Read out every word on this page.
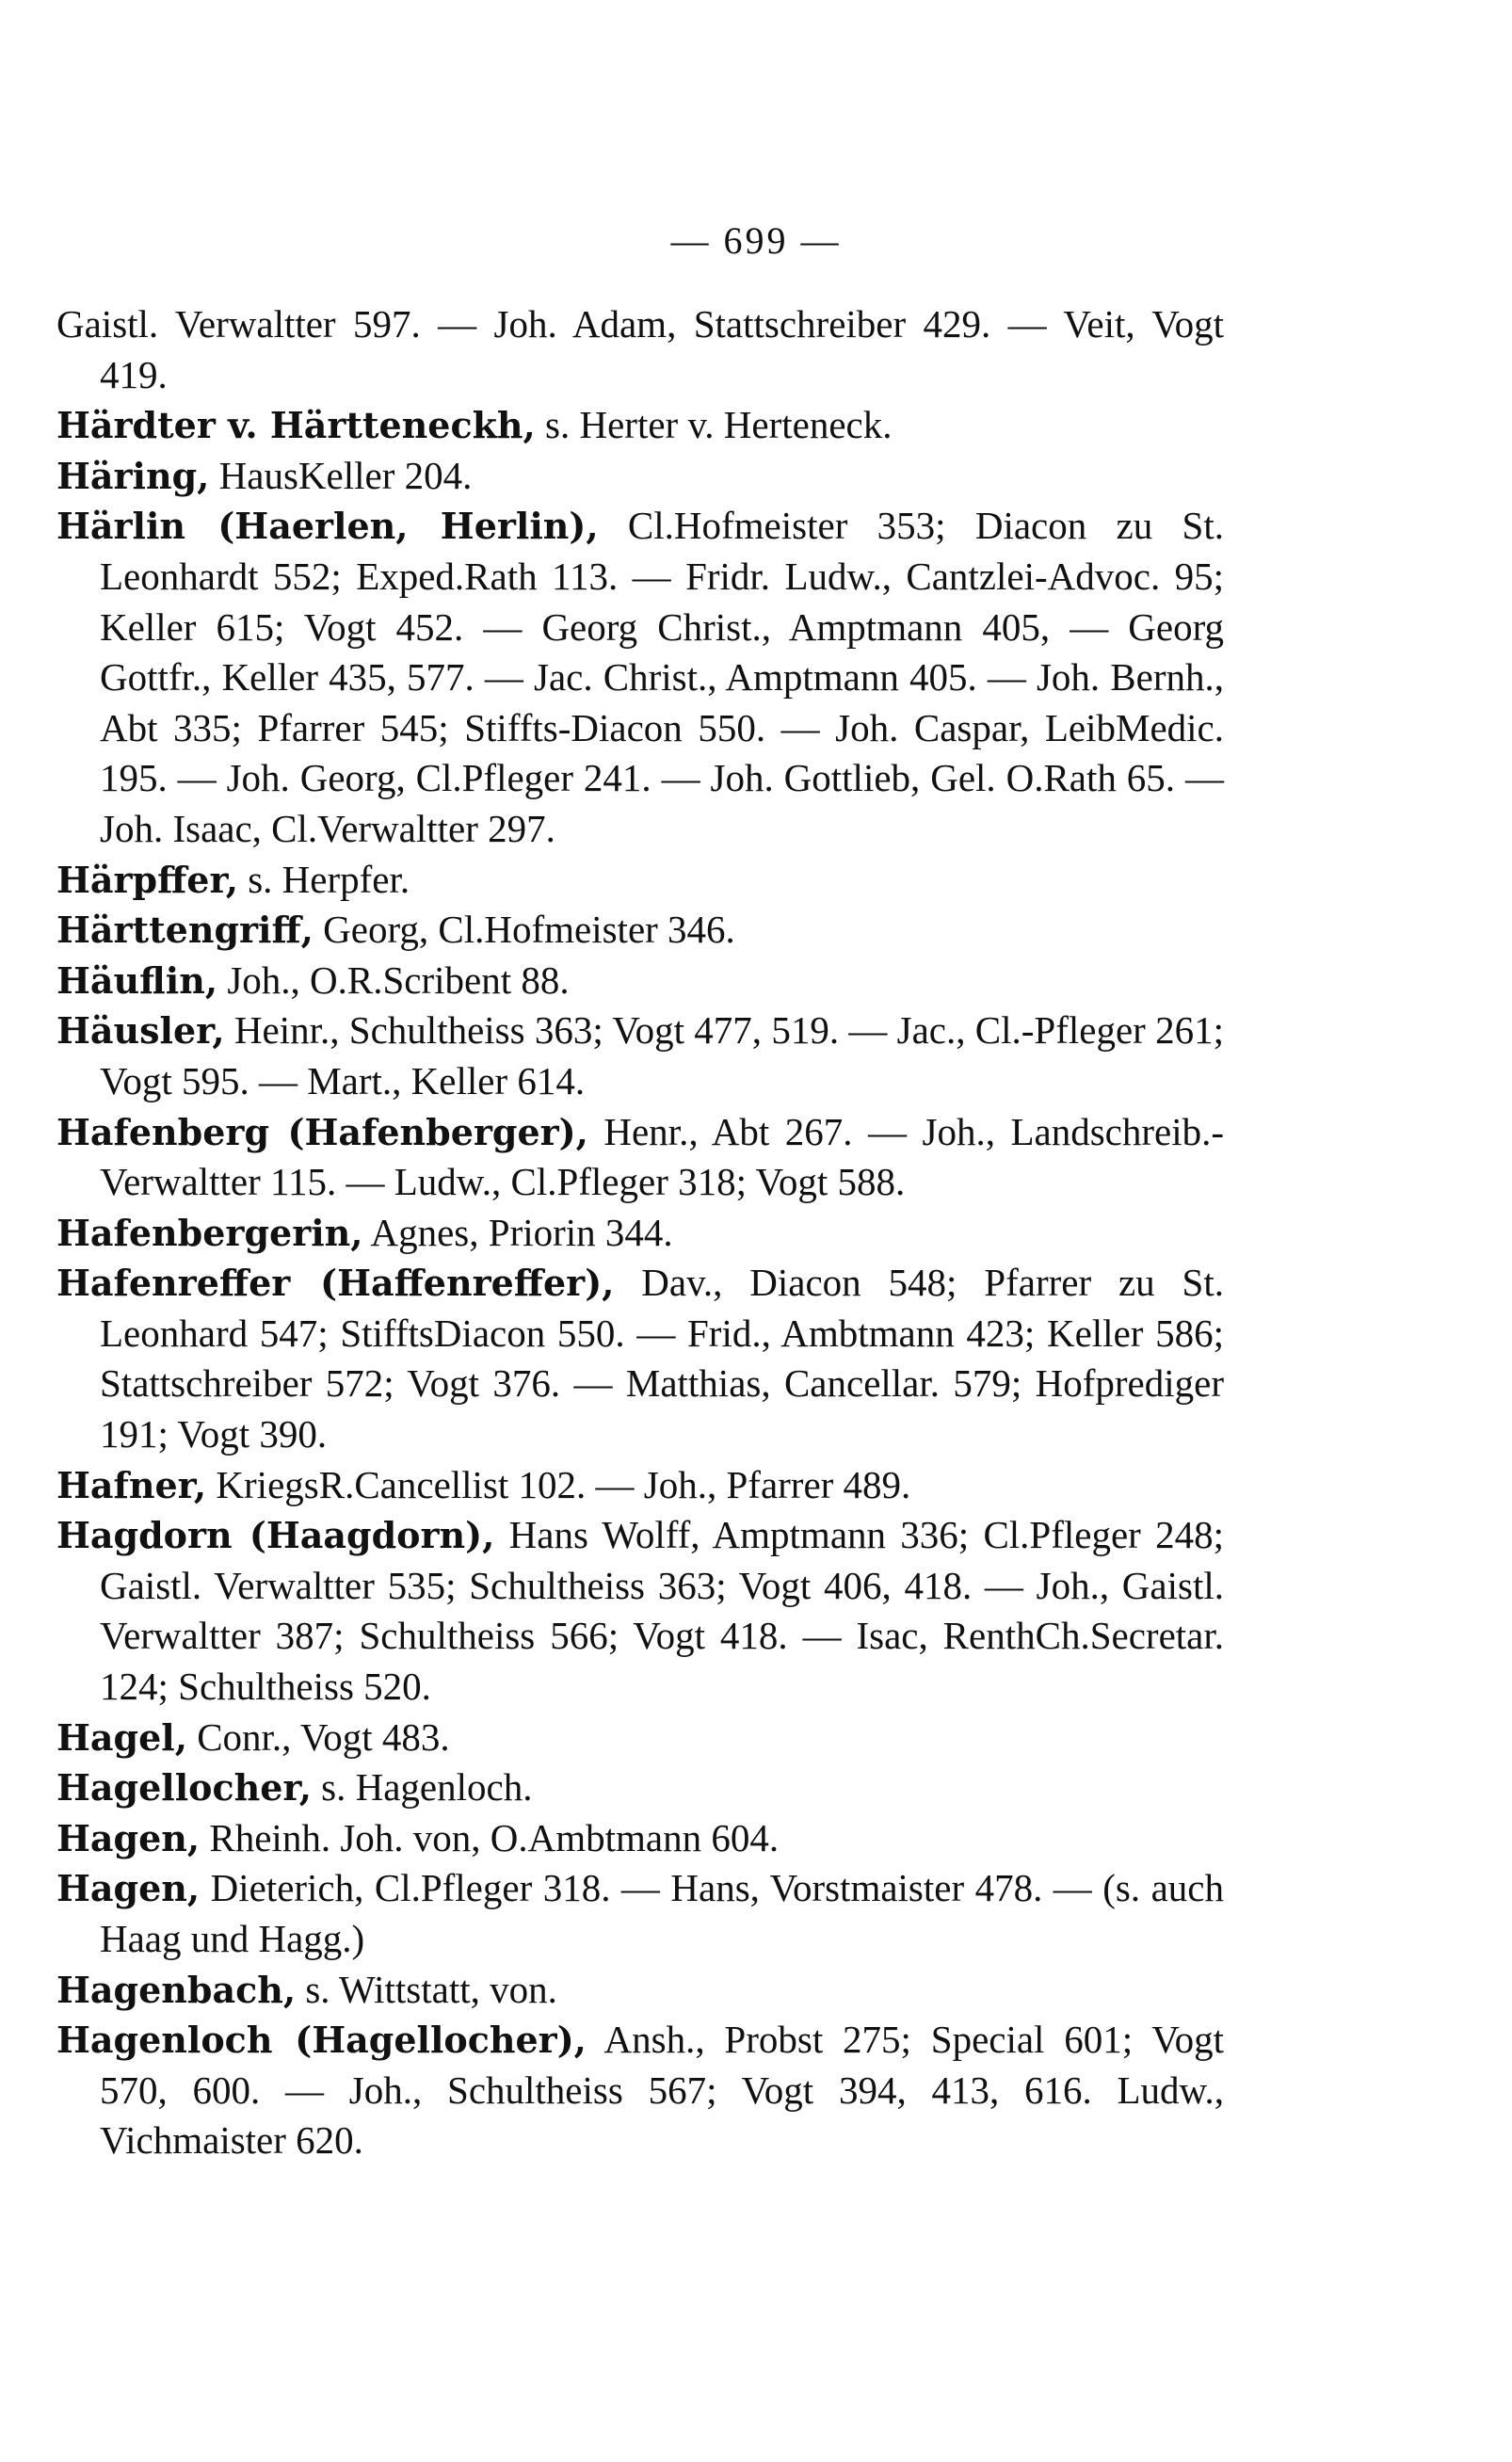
— 699 —

Gaistl. Verwaltter 597. — Joh. Adam, Stattschreiber 429. — Veit, Vogt 419.

Härdter v. Härtteneckh, s. Herter v. Herteneck.

Häring, HausKeller 204.

Härlin (Haerlen, Herlin), Cl.Hofmeister 353; Diacon zu St. Leonhardt 552; Exped.Rath 113. — Fridr. Ludw., Cantzlei-Advoc. 95; Keller 615; Vogt 452. — Georg Christ., Amptmann 405, — Georg Gottfr., Keller 435, 577. — Jac. Christ., Amptmann 405. — Joh. Bernh., Abt 335; Pfarrer 545; Stiffts-Diacon 550. — Joh. Caspar, LeibMedic. 195. — Joh. Georg, Cl.Pfleger 241. — Joh. Gottlieb, Gel. O.Rath 65. — Joh. Isaac, Cl.Verwaltter 297.

Härpffer, s. Herpfer.

Härttengriff, Georg, Cl.Hofmeister 346.

Häuflin, Joh., O.R.Scribent 88.

Häusler, Heinr., Schultheiss 363; Vogt 477, 519. — Jac., Cl.-Pfleger 261; Vogt 595. — Mart., Keller 614.

Hafenberg (Hafenberger), Henr., Abt 267. — Joh., Landschreib.-Verwaltter 115. — Ludw., Cl.Pfleger 318; Vogt 588.

Hafenbergerin, Agnes, Priorin 344.

Hafenreffer (Haffenreffer), Dav., Diacon 548; Pfarrer zu St. Leonhard 547; StifftsDiacon 550. — Frid., Ambtmann 423; Keller 586; Stattschreiber 572; Vogt 376. — Matthias, Cancellar. 579; Hofprediger 191; Vogt 390.

Hafner, KriegsR.Cancellist 102. — Joh., Pfarrer 489.

Hagdorn (Haagdorn), Hans Wolff, Amptmann 336; Cl.Pfleger 248; Gaistl. Verwaltter 535; Schultheiss 363; Vogt 406, 418. — Joh., Gaistl. Verwaltter 387; Schultheiss 566; Vogt 418. — Isac, RenthCh.Secretar. 124; Schultheiss 520.

Hagel, Conr., Vogt 483.

Hagellocher, s. Hagenloch.

Hagen, Rheinh. Joh. von, O.Ambtmann 604.

Hagen, Dieterich, Cl.Pfleger 318. — Hans, Vorstmaister 478. — (s. auch Haag und Hagg.)

Hagenbach, s. Wittstatt, von.

Hagenloch (Hagellocher), Ansh., Probst 275; Special 601; Vogt 570, 600. — Joh., Schultheiss 567; Vogt 394, 413, 616. Ludw., Vichmaister 620.
